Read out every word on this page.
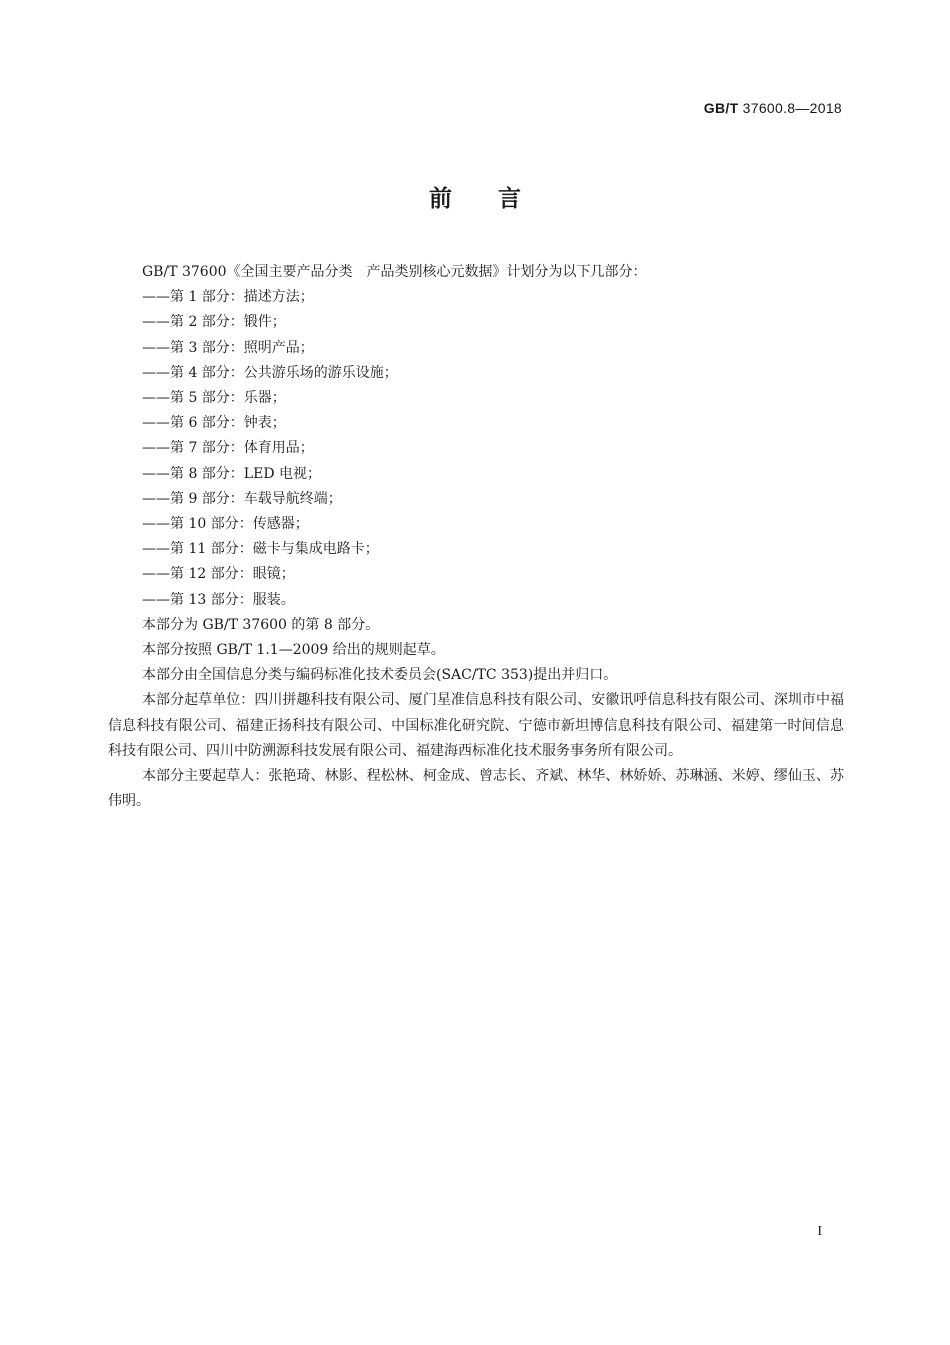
GB/T 37600.8—2018
前言

GB/T 37600《全国主要产品分类　产品类别核心元数据》计划分为以下几部分：

——第 1 部分：描述方法；

——第 2 部分：锻件；

——第 3 部分：照明产品；

——第 4 部分：公共游乐场的游乐设施；

——第 5 部分：乐器；

——第 6 部分：钟表；

——第 7 部分：体育用品；

——第 8 部分：LED 电视；

——第 9 部分：车载导航终端；

——第 10 部分：传感器；

——第 11 部分：磁卡与集成电路卡；

——第 12 部分：眼镜；

——第 13 部分：服装。

本部分为 GB/T 37600 的第 8 部分。

本部分按照 GB/T 1.1—2009 给出的规则起草。

本部分由全国信息分类与编码标准化技术委员会(SAC/TC 353)提出并归口。

本部分起草单位：四川拼趣科技有限公司、厦门星准信息科技有限公司、安徽讯呼信息科技有限公司、深圳市中福信息科技有限公司、福建正扬科技有限公司、中国标准化研究院、宁德市新坦博信息科技有限公司、福建第一时间信息科技有限公司、四川中防溯源科技发展有限公司、福建海西标准化技术服务事务所有限公司。

本部分主要起草人：张艳琦、林影、程松林、柯金成、曾志长、齐斌、林华、林娇娇、苏琳涵、米婷、缪仙玉、苏伟明。

I
